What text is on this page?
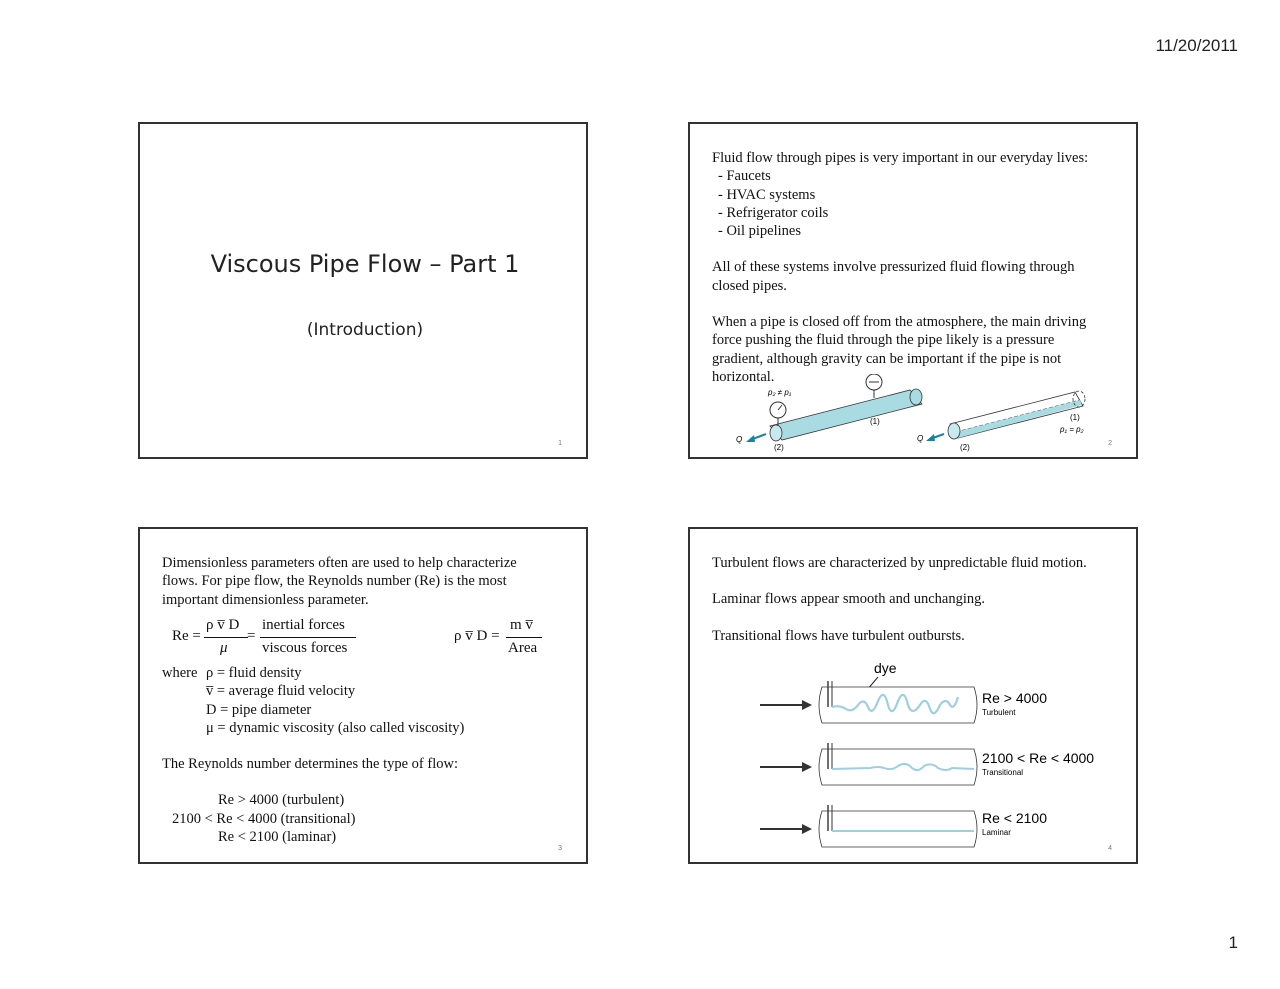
11/20/2011
Viscous Pipe Flow – Part 1
(Introduction)
1
Fluid flow through pipes is very important in our everyday lives:
- Faucets
- HVAC systems
- Refrigerator coils
- Oil pipelines
All of these systems involve pressurized fluid flowing through
closed pipes.
When a pipe is closed off from the atmosphere, the main driving
force pushing the fluid through the pipe likely is a pressure
gradient, although gravity can be important if the pipe is not
horizontal.
p₂ ≠ p₁
Q
(1)
(2)
Q
(2)
(1)
p₁ = p₂
2
Dimensionless parameters often are used to help characterize
flows. For pipe flow, the Reynolds number (Re) is the most
important dimensionless parameter.
Re =
ρ v̅ D
μ
=
inertial forces
viscous forces
ρ v̅ D =
m v̅
Area
where ρ = fluid density
v̅ = average fluid velocity
D = pipe diameter
μ = dynamic viscosity (also called viscosity)
The Reynolds number determines the type of flow:
Re > 4000 (turbulent)
2100 < Re < 4000 (transitional)
Re < 2100 (laminar)
3
Turbulent flows are characterized by unpredictable fluid motion.
Laminar flows appear smooth and unchanging.
Transitional flows have turbulent outbursts.
dye
Re > 4000
Turbulent
2100 < Re < 4000
Transitional
Re < 2100
Laminar
4
1
